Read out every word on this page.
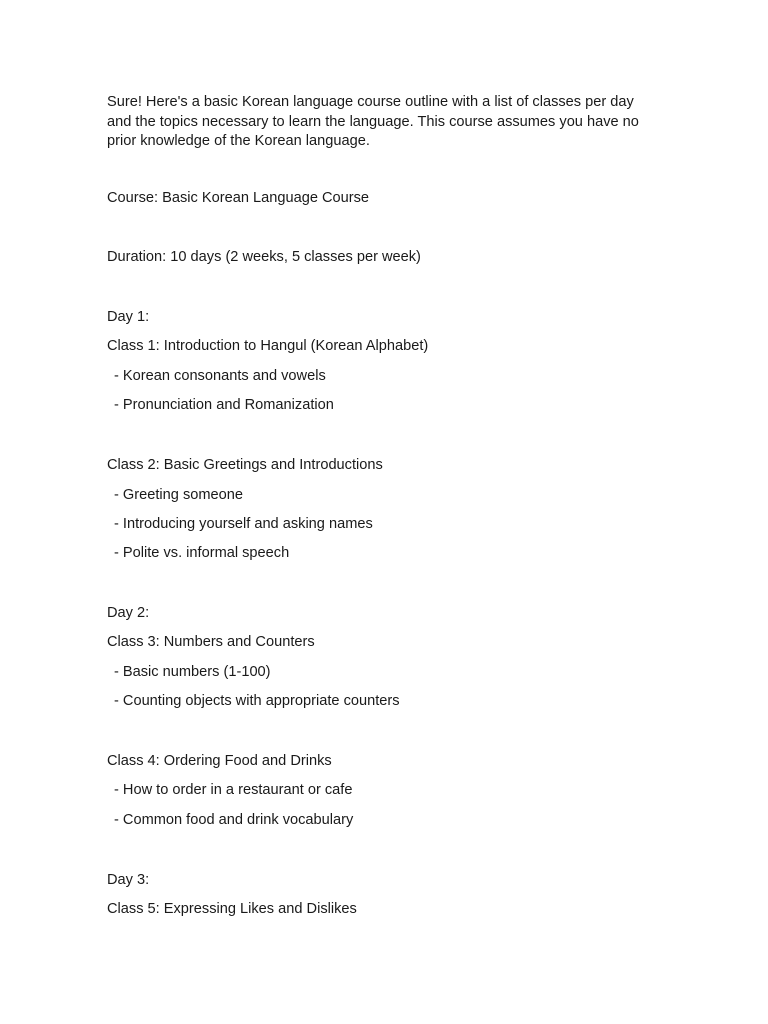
Sure! Here's a basic Korean language course outline with a list of classes per day
and the topics necessary to learn the language. This course assumes you have no
prior knowledge of the Korean language.
Course: Basic Korean Language Course
Duration: 10 days (2 weeks, 5 classes per week)
Day 1:
Class 1: Introduction to Hangul (Korean Alphabet)
- Korean consonants and vowels
- Pronunciation and Romanization
Class 2: Basic Greetings and Introductions
- Greeting someone
- Introducing yourself and asking names
- Polite vs. informal speech
Day 2:
Class 3: Numbers and Counters
- Basic numbers (1-100)
- Counting objects with appropriate counters
Class 4: Ordering Food and Drinks
- How to order in a restaurant or cafe
- Common food and drink vocabulary
Day 3:
Class 5: Expressing Likes and Dislikes
